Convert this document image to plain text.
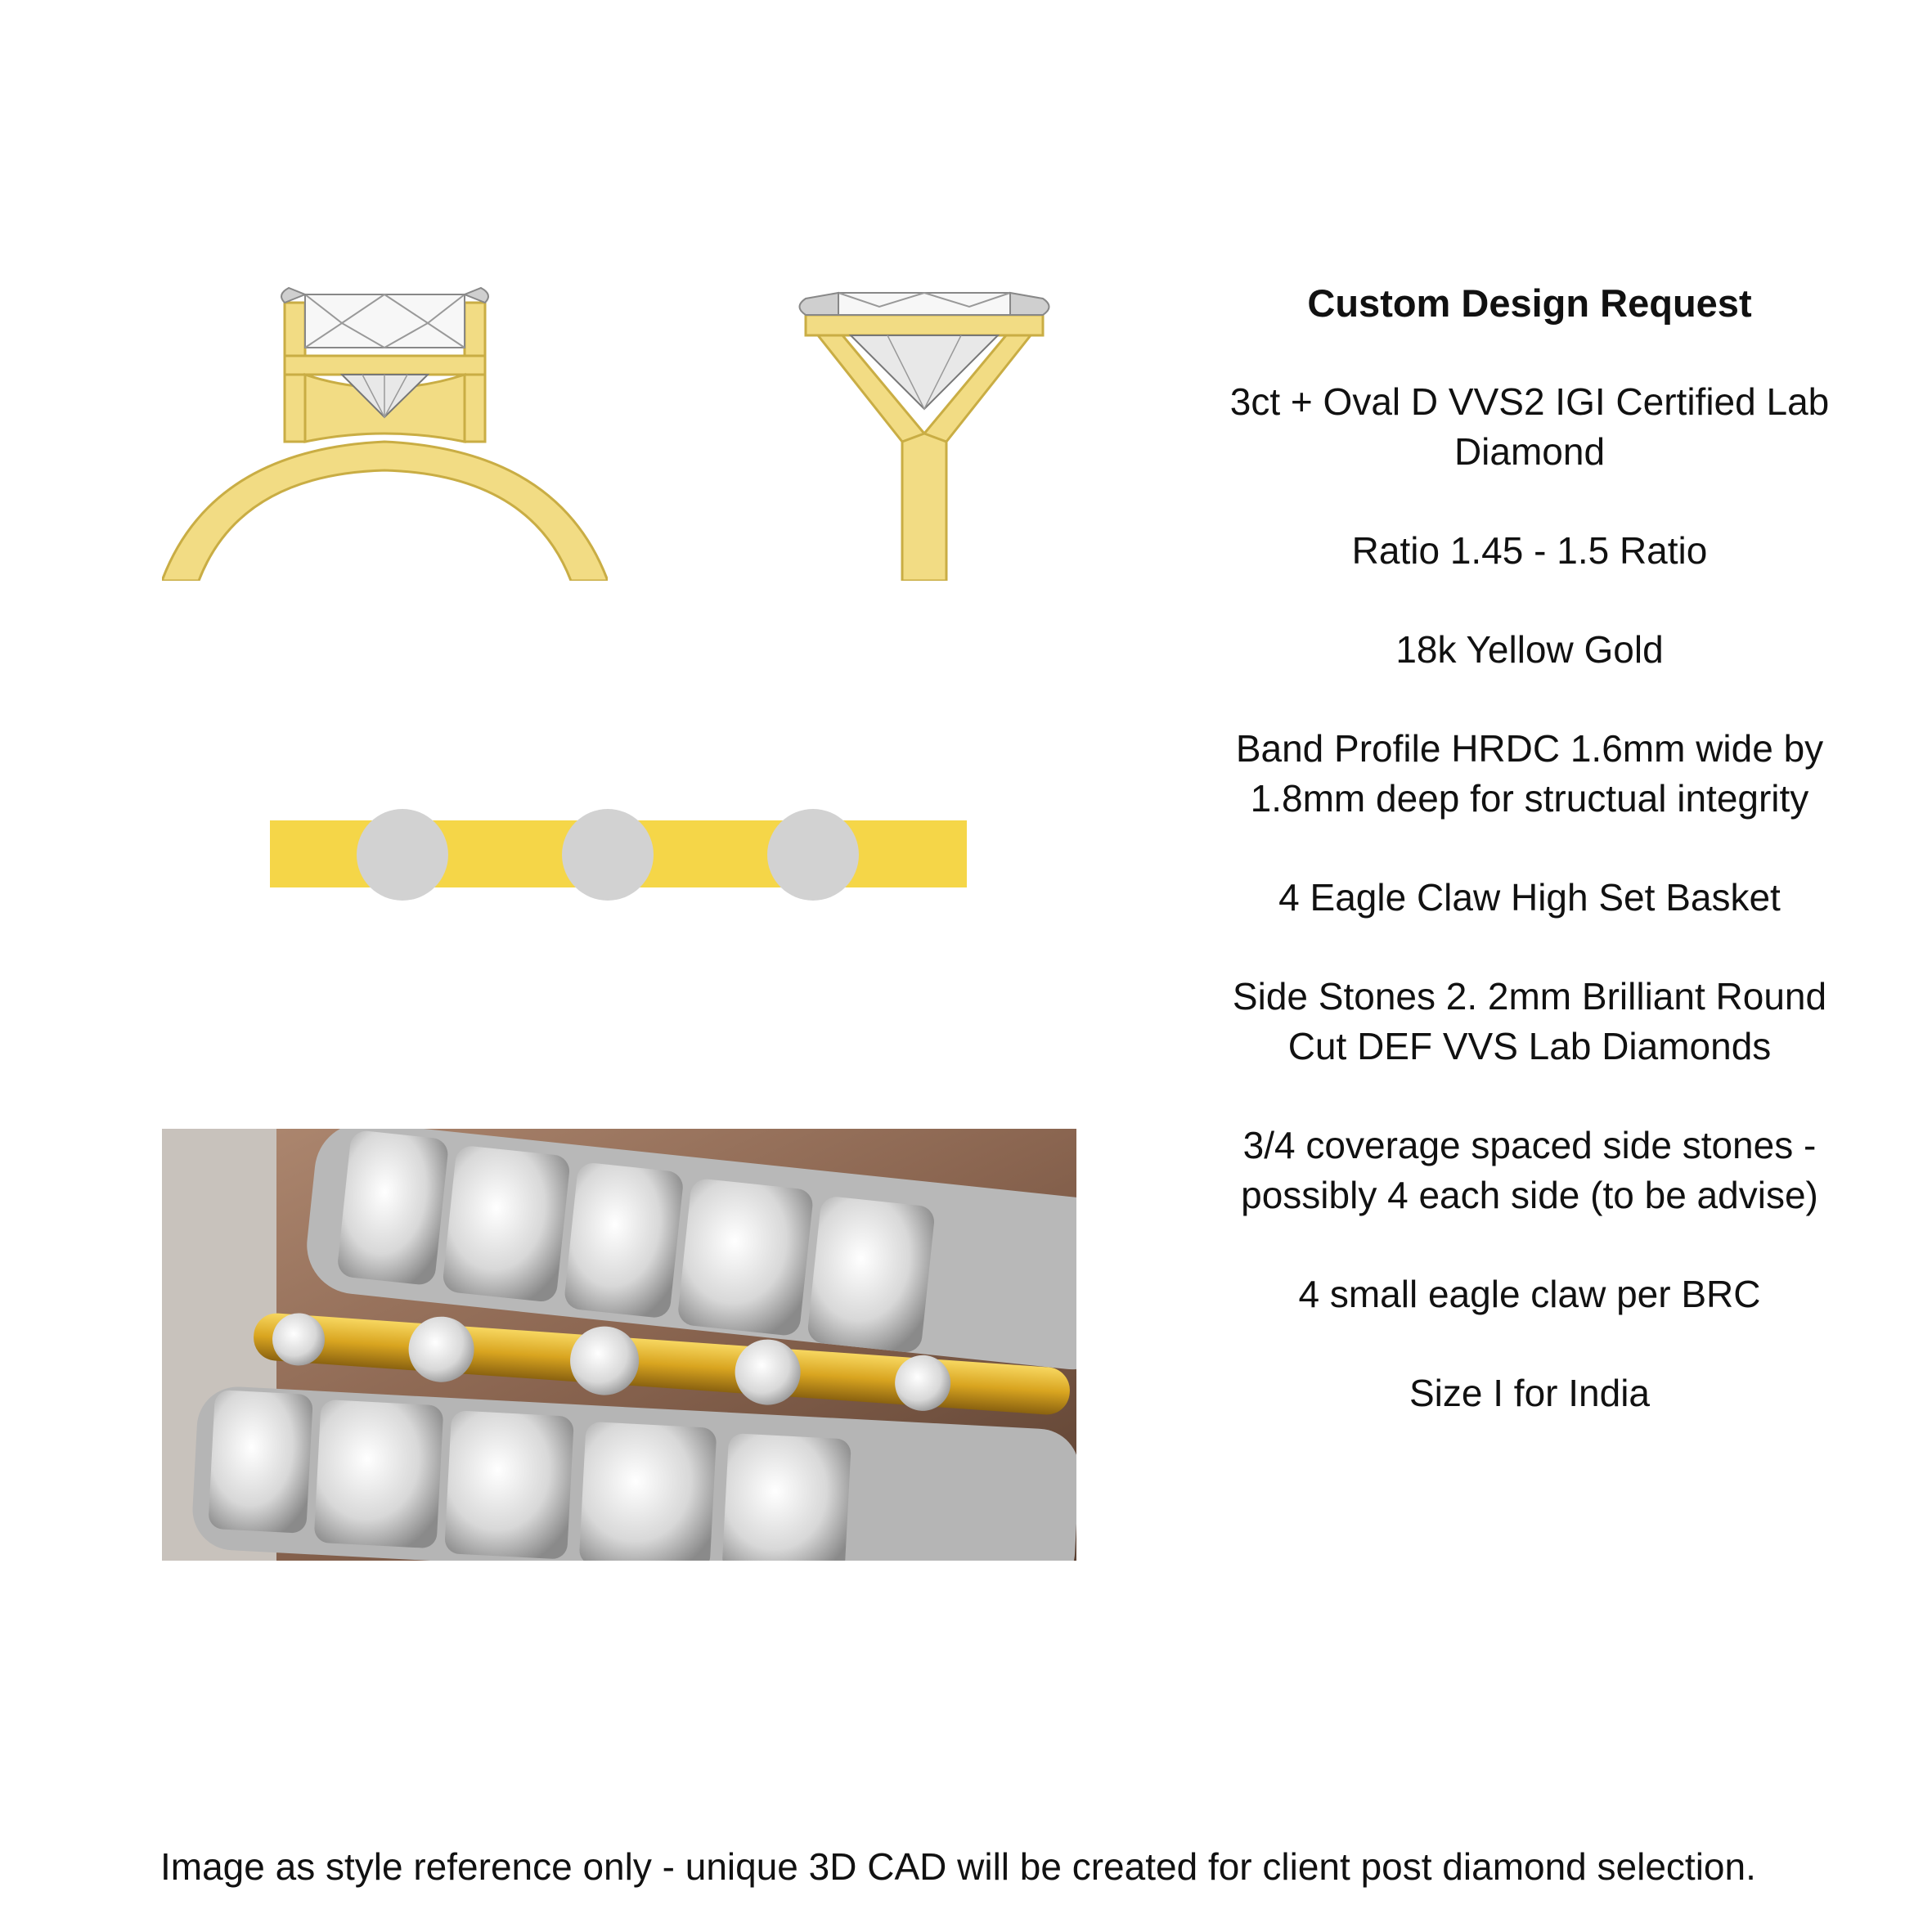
Custom Design Request
3ct + Oval D VVS2 IGI Certified Lab Diamond
Ratio 1.45 - 1.5 Ratio
18k Yellow Gold
Band Profile HRDC 1.6mm wide by 1.8mm deep for structual integrity
4 Eagle Claw High Set Basket
Side Stones 2. 2mm Brilliant Round Cut DEF VVS Lab Diamonds
3/4 coverage spaced side stones - possibly 4 each side (to be advise)
4 small eagle claw per BRC
Size I for India
Image as style reference only - unique 3D CAD will be created for client post diamond selection.
